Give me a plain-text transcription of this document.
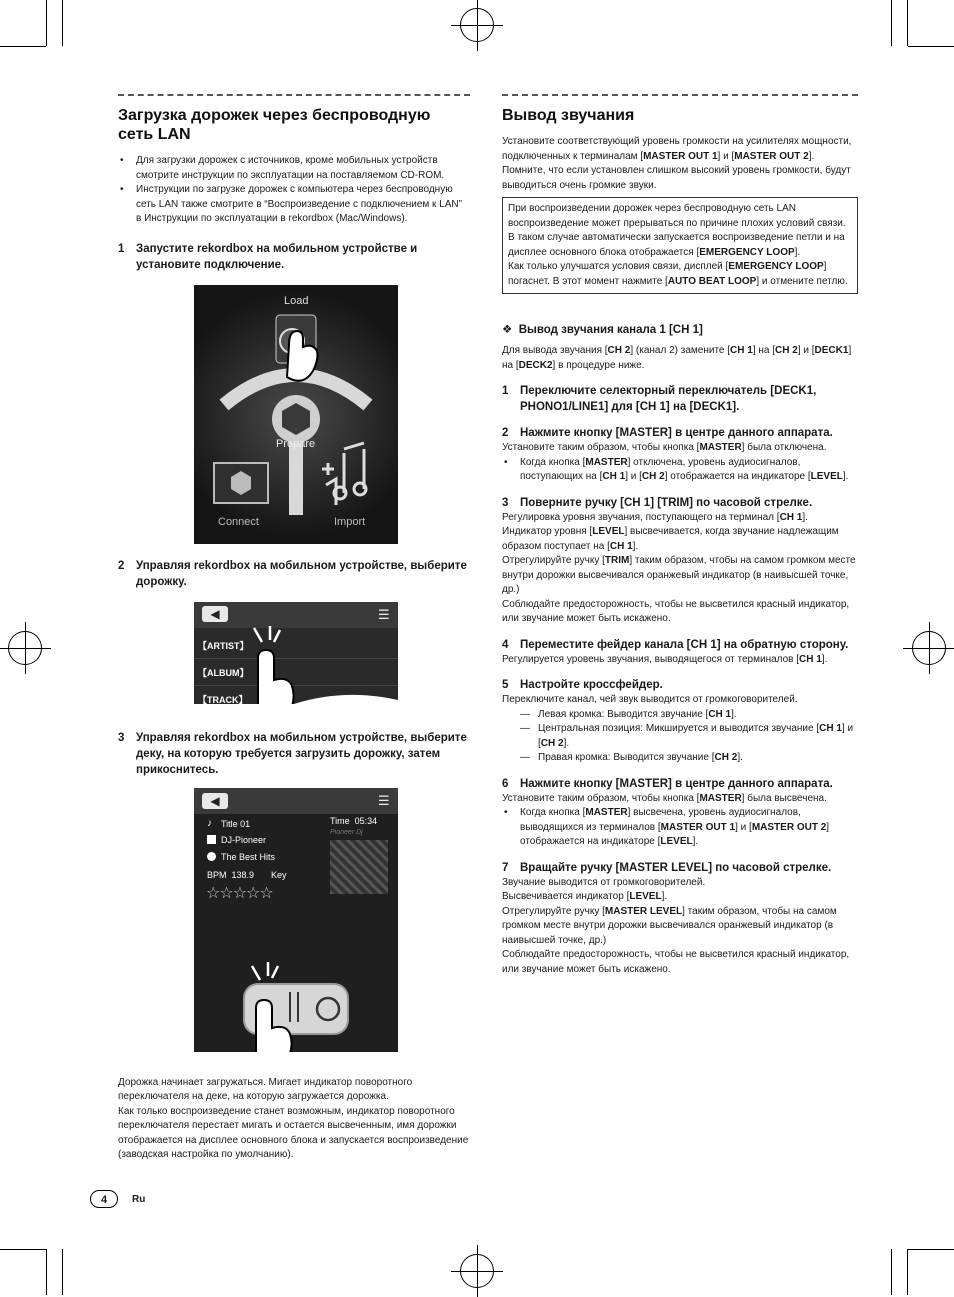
Загрузка дорожек через беспроводную сеть LAN
• Для загрузки дорожек с источников, кроме мобильных устройств смотрите инструкции по эксплуатации на поставляемом CD-ROM.
• Инструкции по загрузке дорожек с компьютера через беспроводную сеть LAN также смотрите в “Воспроизведение с подключением к LAN” в Инструкции по эксплуатации в rekordbox (Mac/Windows).
1	Запустите rekordbox на мобильном устройстве и установите подключение.
Load
Prepare
Connect	Import
2	Управляя rekordbox на мобильном устройстве, выберите дорожку.
◀	☰
【ARTIST】
【ALBUM】
【TRACK】
3	Управляя rekordbox на мобильном устройстве, выберите деку, на которую требуется загрузить дорожку, затем прикоснитесь.
◀	☰
♪ Title 01
DJ-Pioneer
The Best Hits
BPM  138.9 Key
☆☆☆☆☆
Time  05:34
Pioneer Dj

Дорожка начинает загружаться. Мигает индикатор поворотного переключателя на деке, на которую загружается дорожка.
Как только воспроизведение станет возможным, индикатор поворотного переключателя перестает мигать и остается высвеченным, имя дорожки отображается на дисплее основного блока и запускается воспроизведение (заводская настройка по умолчанию).

Вывод звучания

Установите соответствующий уровень громкости на усилителях мощности, подключенных к терминалам [MASTER OUT 1] и [MASTER OUT 2]. Помните, что если установлен слишком высокий уровень громкости, будут выводиться очень громкие звуки.

При воспроизведении дорожек через беспроводную сеть LAN воспроизведение может прерываться по причине плохих условий связи. В таком случае автоматически запускается воспроизведение петли и на дисплее основного блока отображается [EMERGENCY LOOP].
Как только улучшатся условия связи, дисплей [EMERGENCY LOOP] погаснет. В этот момент нажмите [AUTO BEAT LOOP] и отмените петлю.

❖  Вывод звучания канала 1 [CH 1]

Для вывода звучания [CH 2] (канал 2) замените [CH 1] на [CH 2] и [DECK1] на [DECK2] в процедуре ниже.

1	Переключите селекторный переключатель [DECK1, PHONO1/LINE1] для [CH 1] на [DECK1].
2	Нажмите кнопку [MASTER] в центре данного аппарата.

Установите таким образом, чтобы кнопка [MASTER] была отключена.

• Когда кнопка [MASTER] отключена, уровень аудиосигналов, поступающих на [CH 1] и [CH 2] отображается на индикаторе [LEVEL].
3	Поверните ручку [CH 1] [TRIM] по часовой стрелке.

Регулировка уровня звучания, поступающего на терминал [CH 1].
Индикатор уровня [LEVEL] высвечивается, когда звучание надлежащим образом поступает на [CH 1].
Отрегулируйте ручку [TRIM] таким образом, чтобы на самом громком месте внутри дорожки высвечивался оранжевый индикатор (в наивысшей точке, др.)
Соблюдайте предосторожность, чтобы не высветился красный индикатор, или звучание может быть искажено.

4	Переместите фейдер канала [CH 1] на обратную сторону.

Регулируется уровень звучания, выводящегося от терминалов [CH 1].

5	Настройте кроссфейдер.

Переключите канал, чей звук выводится от громкоговорителей.

— Левая кромка: Выводится звучание [CH 1].
— Центральная позиция: Микшируется и выводится звучание [CH 1] и [CH 2].
— Правая кромка: Выводится звучание [CH 2].
6	Нажмите кнопку [MASTER] в центре данного аппарата.

Установите таким образом, чтобы кнопка [MASTER] была высвечена.

• Когда кнопка [MASTER] высвечена, уровень аудиосигналов, выводящихся из терминалов [MASTER OUT 1] и [MASTER OUT 2] отображается на индикаторе [LEVEL].
7	Вращайте ручку [MASTER LEVEL] по часовой стрелке.

Звучание выводится от громкоговорителей.
Высвечивается индикатор [LEVEL].
Отрегулируйте ручку [MASTER LEVEL] таким образом, чтобы на самом громком месте внутри дорожки высвечивался оранжевый индикатор (в наивысшей точке, др.)
Соблюдайте предосторожность, чтобы не высветился красный индикатор, или звучание может быть искажено.

4	Ru
